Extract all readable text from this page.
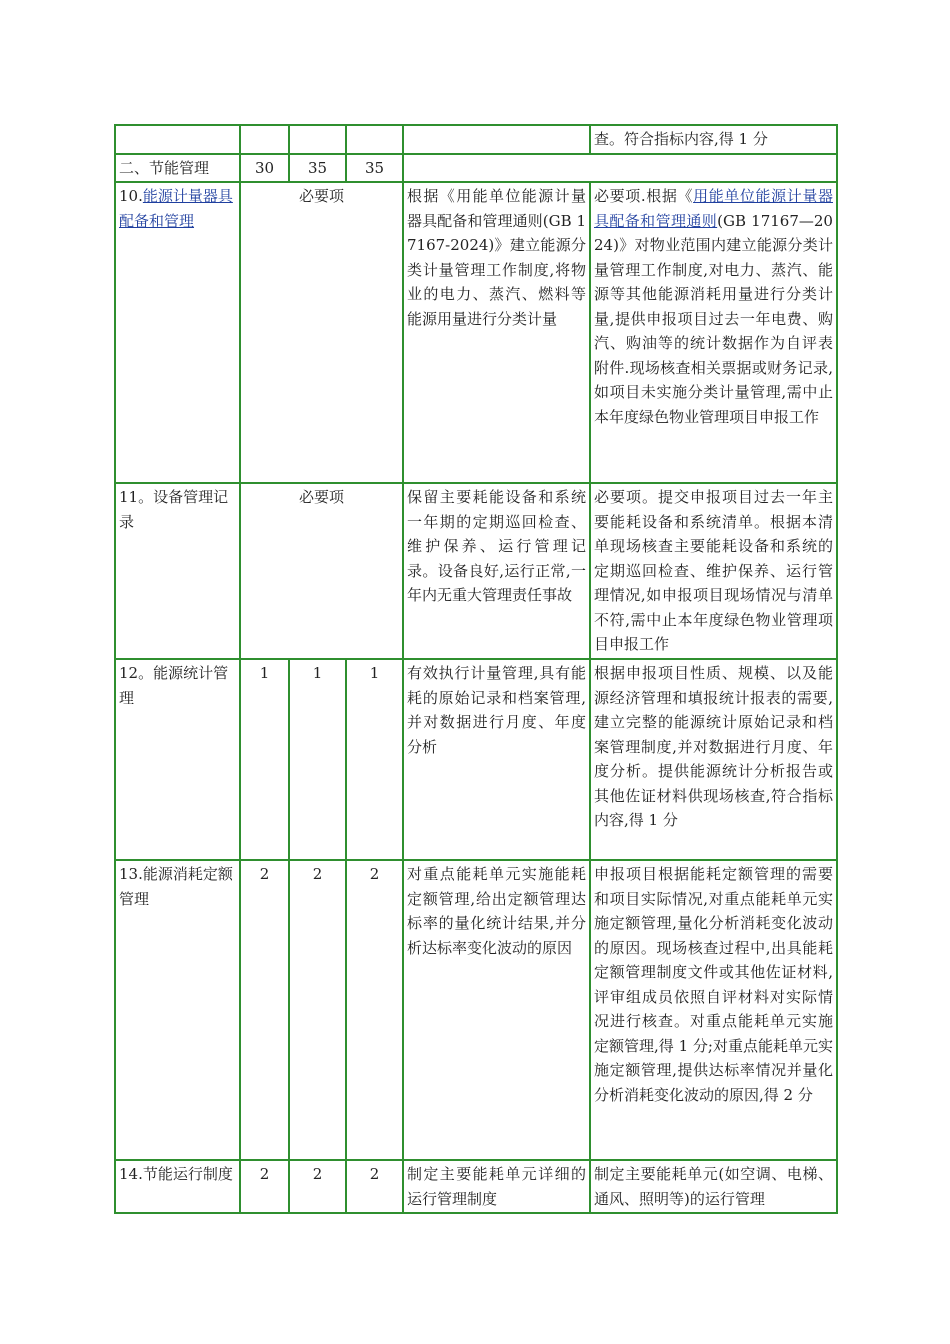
					查。符合指标内容,得 1 分
二、节能管理	30	35	35		
10.能源计量器具配备和管理	必要项			根据《用能单位能源计量器具配备和管理通则(GB 17167-2024)》建立能源分类计量管理工作制度,将物业的电力、蒸汽、燃料等能源用量进行分类计量	必要项.根据《用能单位能源计量器具配备和管理通则(GB 17167—2024)》对物业范围内建立能源分类计量管理工作制度,对电力、蒸汽、能源等其他能源消耗用量进行分类计量,提供申报项目过去一年电费、购汽、购油等的统计数据作为自评表附件.现场核查相关票据或财务记录,如项目未实施分类计量管理,需中止本年度绿色物业管理项目申报工作
11。设备管理记录	必要项			保留主要耗能设备和系统一年期的定期巡回检查、维护保养、运行管理记录。设备良好,运行正常,一年内无重大管理责任事故	必要项。提交申报项目过去一年主要能耗设备和系统清单。根据本清单现场核查主要能耗设备和系统的定期巡回检查、维护保养、运行管理情况,如申报项目现场情况与清单不符,需中止本年度绿色物业管理项目申报工作
12。能源统计管理	1	1	1	有效执行计量管理,具有能耗的原始记录和档案管理,并对数据进行月度、年度分析	根据申报项目性质、规模、以及能源经济管理和填报统计报表的需要,建立完整的能源统计原始记录和档案管理制度,并对数据进行月度、年度分析。提供能源统计分析报告或其他佐证材料供现场核查,符合指标内容,得 1 分
13.能源消耗定额管理	2	2	2	对重点能耗单元实施能耗定额管理,给出定额管理达标率的量化统计结果,并分析达标率变化波动的原因	申报项目根据能耗定额管理的需要和项目实际情况,对重点能耗单元实施定额管理,量化分析消耗变化波动的原因。现场核查过程中,出具能耗定额管理制度文件或其他佐证材料,评审组成员依照自评材料对实际情况进行核查。对重点能耗单元实施定额管理,得 1 分;对重点能耗单元实施定额管理,提供达标率情况并量化分析消耗变化波动的原因,得 2 分
14.节能运行制度	2	2	2	制定主要能耗单元详细的运行管理制度	制定主要能耗单元(如空调、电梯、通风、照明等)的运行管理
